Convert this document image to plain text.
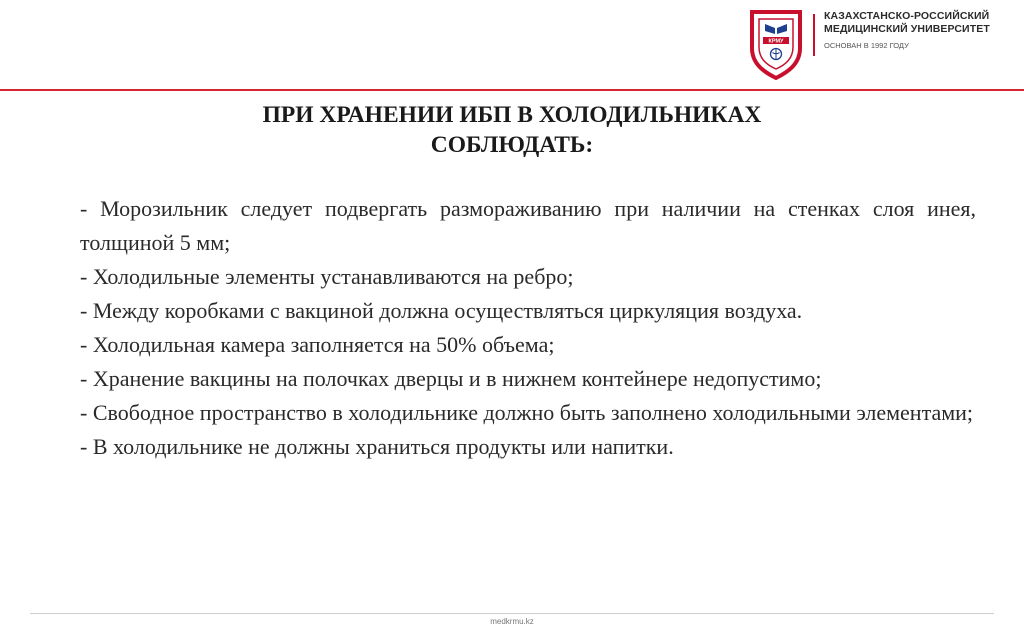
КРМУ
КАЗАХСТАНСКО-РОССИЙСКИЙ
МЕДИЦИНСКИЙ УНИВЕРСИТЕТ
ОСНОВАН В 1992 ГОДУ
ПРИ ХРАНЕНИИ ИБП В ХОЛОДИЛЬНИКАХ
СОБЛЮДАТЬ:

- Морозильник следует подвергать размораживанию при наличии на стенках слоя инея, толщиной 5 мм;

- Холодильные элементы устанавливаются на ребро;

- Между коробками с вакциной должна осуществляться циркуляция воздуха.

- Холодильная камера заполняется на 50% объема;

- Хранение вакцины на полочках дверцы и в нижнем контейнере недопустимо;

- Свободное пространство в холодильнике должно быть заполнено холодильными элементами;

- В холодильнике не должны храниться продукты или напитки.

medkrmu.kz
